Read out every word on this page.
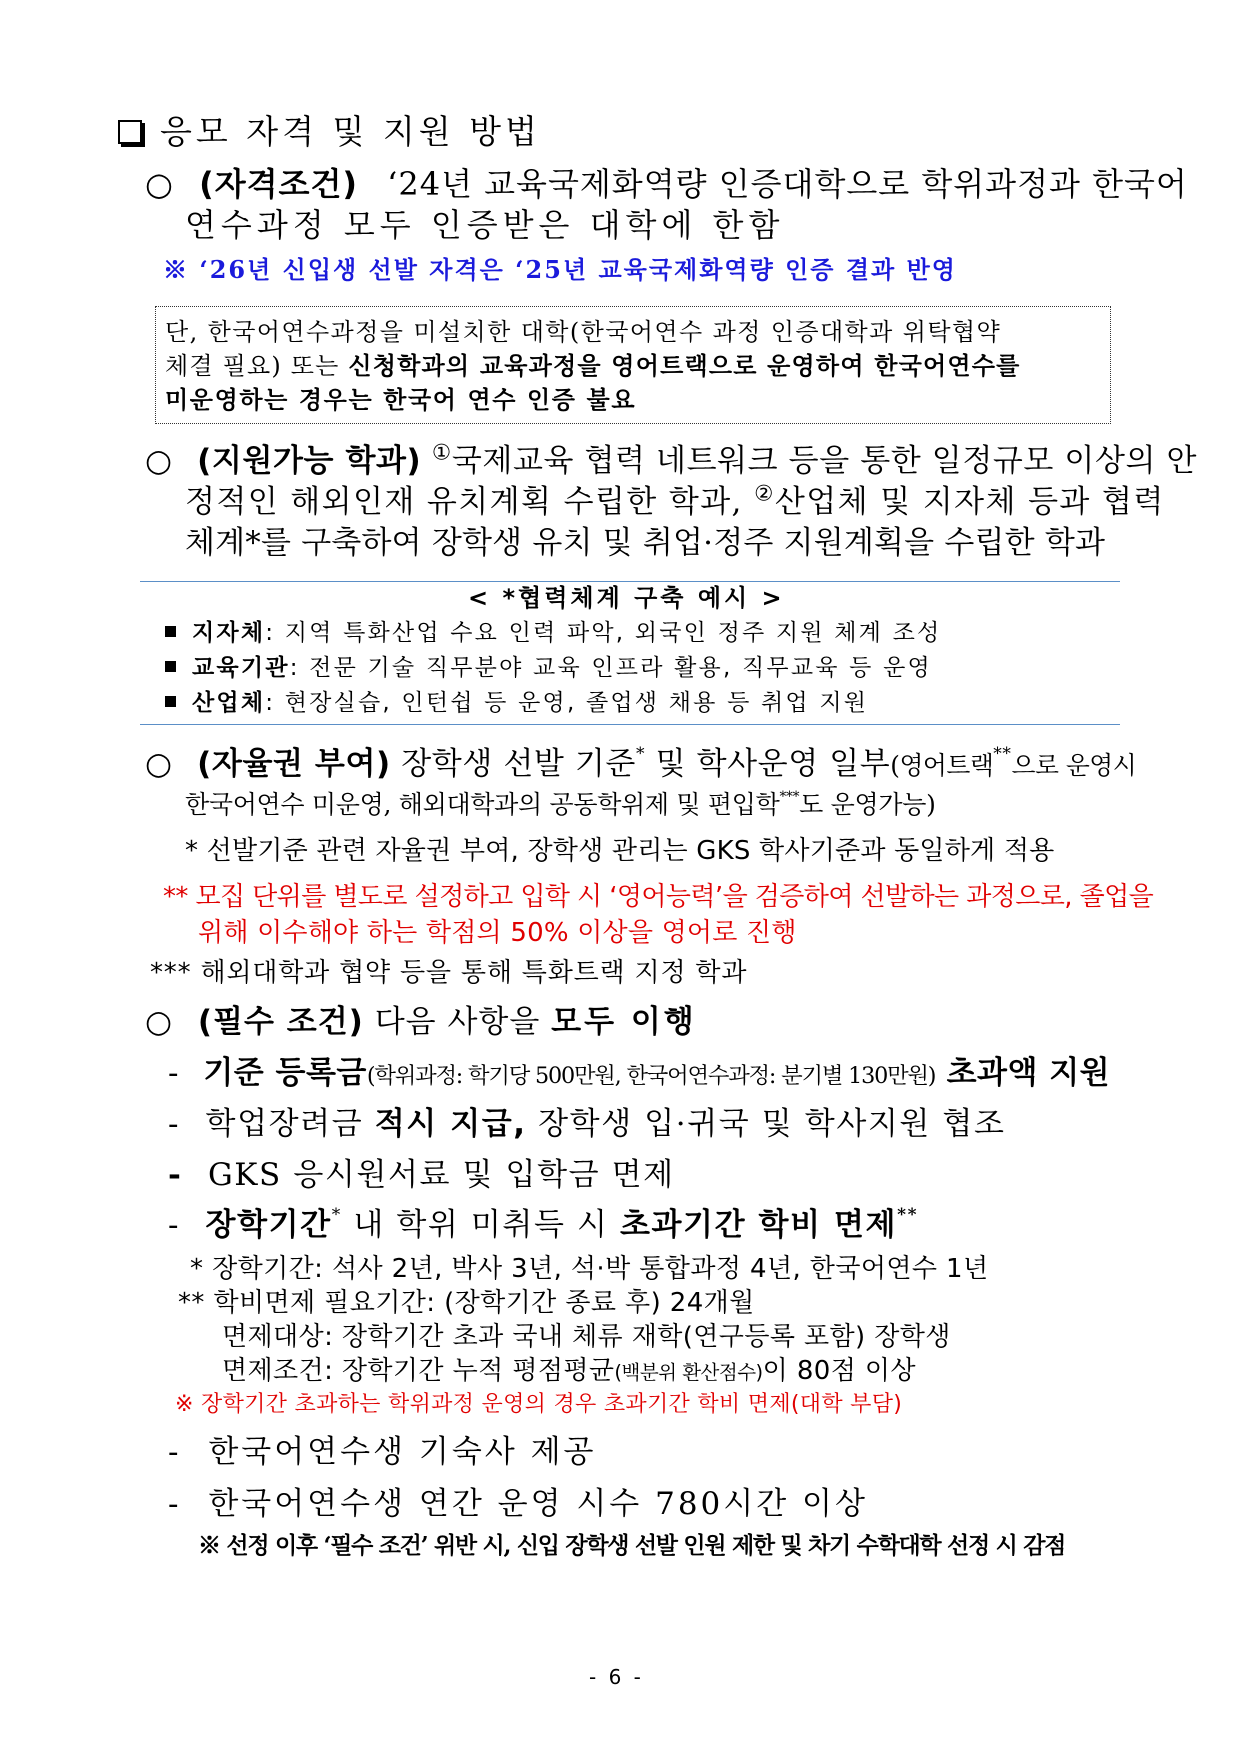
응모 자격 및 지원 방법
○ (자격조건) ‘24년 교육국제화역량 인증대학으로 학위과정과 한국어
연수과정 모두 인증받은 대학에 한함
※ ‘26년 신입생 선발 자격은 ‘25년 교육국제화역량 인증 결과 반영
단, 한국어연수과정을 미설치한 대학(한국어연수 과정 인증대학과 위탁협약
체결 필요) 또는 신청학과의 교육과정을 영어트랙으로 운영하여 한국어연수를
미운영하는 경우는 한국어 연수 인증 불요
○ (지원가능 학과) ①국제교육 협력 네트워크 등을 통한 일정규모 이상의 안
정적인 해외인재 유치계획 수립한 학과, ②산업체 및 지자체 등과 협력
체계*를 구축하여 장학생 유치 및 취업·정주 지원계획을 수립한 학과
< *협력체계 구축 예시 >
지자체: 지역 특화산업 수요 인력 파악, 외국인 정주 지원 체계 조성
교육기관: 전문 기술 직무분야 교육 인프라 활용, 직무교육 등 운영
산업체: 현장실습, 인턴쉽 등 운영, 졸업생 채용 등 취업 지원
○ (자율권 부여) 장학생 선발 기준* 및 학사운영 일부(영어트랙**으로 운영시
한국어연수 미운영, 해외대학과의 공동학위제 및 편입학***도 운영가능)
* 선발기준 관련 자율권 부여, 장학생 관리는 GKS 학사기준과 동일하게 적용
** 모집 단위를 별도로 설정하고 입학 시 ‘영어능력’을 검증하여 선발하는 과정으로, 졸업을
위해 이수해야 하는 학점의 50% 이상을 영어로 진행
*** 해외대학과 협약 등을 통해 특화트랙 지정 학과
○ (필수 조건) 다음 사항을 모두 이행
- 기준 등록금(학위과정: 학기당 500만원, 한국어연수과정: 분기별 130만원) 초과액 지원
- 학업장려금 적시 지급, 장학생 입·귀국 및 학사지원 협조
- GKS 응시원서료 및 입학금 면제
- 장학기간* 내 학위 미취득 시 초과기간 학비 면제**
* 장학기간: 석사 2년, 박사 3년, 석·박 통합과정 4년, 한국어연수 1년
** 학비면제 필요기간: (장학기간 종료 후) 24개월
면제대상: 장학기간 초과 국내 체류 재학(연구등록 포함) 장학생
면제조건: 장학기간 누적 평점평균(백분위 환산점수)이 80점 이상
※ 장학기간 초과하는 학위과정 운영의 경우 초과기간 학비 면제(대학 부담)
- 한국어연수생 기숙사 제공
- 한국어연수생 연간 운영 시수 780시간 이상
※ 선정 이후 ‘필수 조건’ 위반 시, 신입 장학생 선발 인원 제한 및 차기 수학대학 선정 시 감점
- 6 -
